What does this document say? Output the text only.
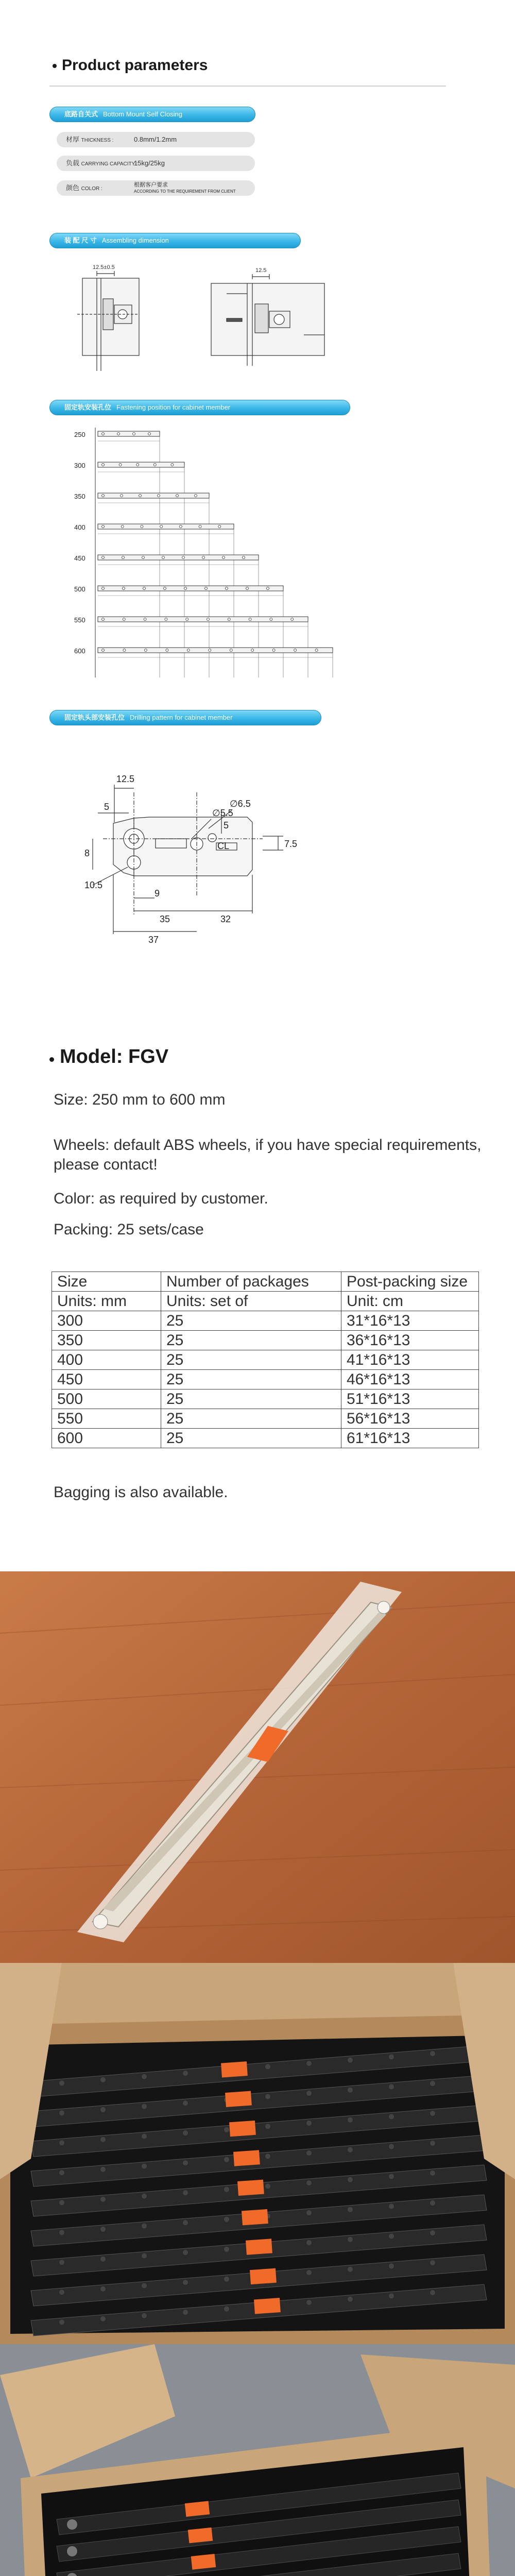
Product parameters
底路自关式 Bottom Mount Self Closing
材厚 THICKNESS :	0.8mm/1.2mm
负载 CARRYING CAPACITY :
15kg/25kg
颜色 COLOR :
根据客户要求
ACCORDING TO THE REQUIREMENT FROM CLIENT
装 配 尺 寸 Assembling dimension
12.5±0.5	12.5
固定轨安装孔位 Fastening position for cabinet member
250
300
350
400
450
500
550
600
固定轨头部安装孔位 Drilling pattern for cabinet member
12.5
5
∅5.5
∅6.5
5
10.5
9
35	32
37
7.5
CL
8
Model: FGV
Size: 250 mm to 600 mm
Wheels: default ABS wheels, if you have special requirements,
please contact!
Color: as required by customer.
Packing: 25 sets/case
Size	Number of packages	Post-packing size
Units: mm	Units: set of	Unit: cm
300	25	31*16*13
350	25	36*16*13
400	25	41*16*13
450	25	46*16*13
500	25	51*16*13
550	25	56*16*13
600	25	61*16*13
Bagging is also available.
